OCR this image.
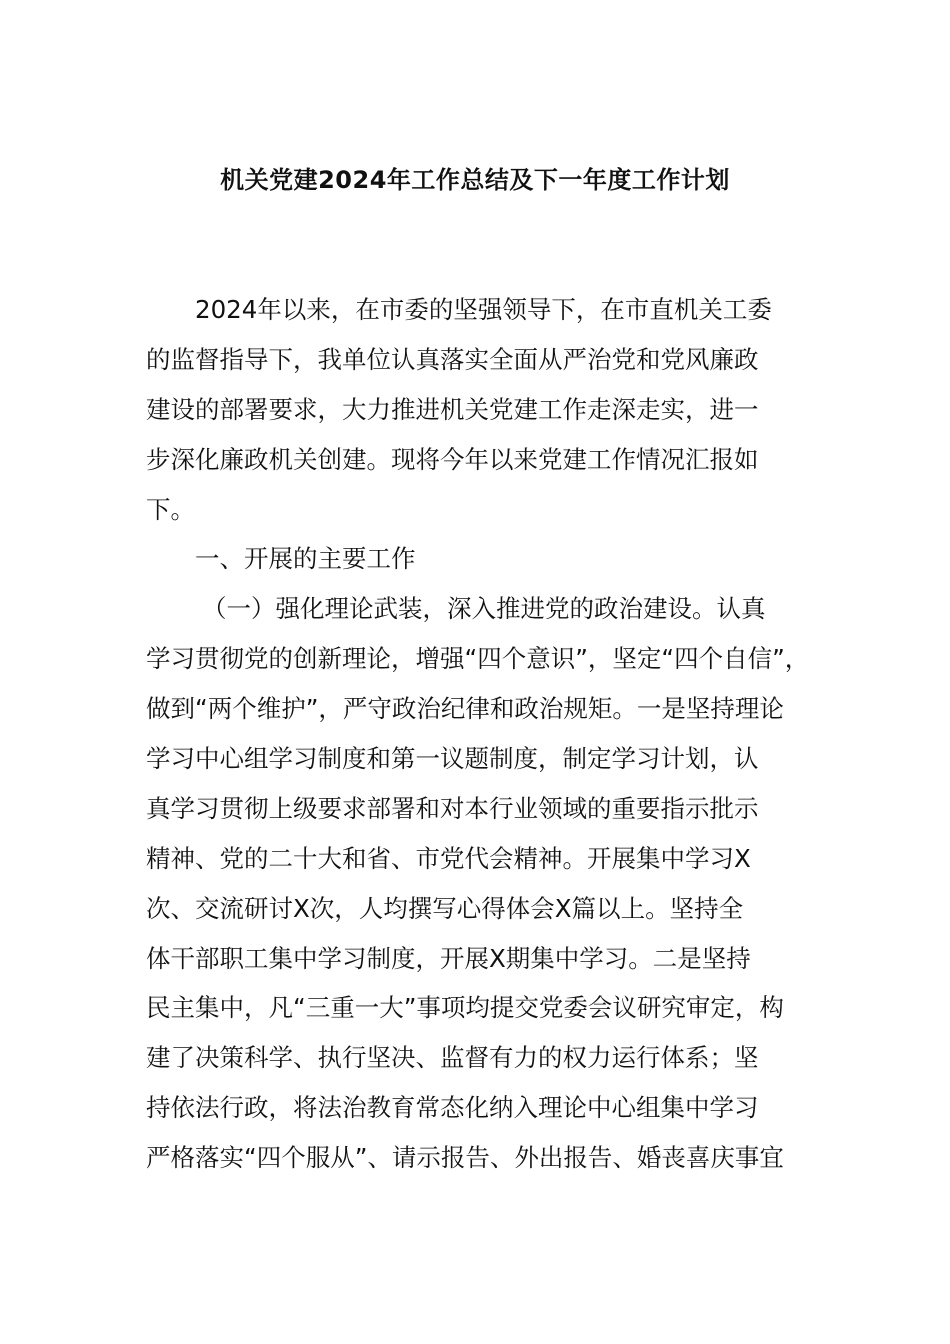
机关党建2024年工作总结及下一年度工作计划
2024年以来，在市委的坚强领导下，在市直机关工委
的监督指导下，我单位认真落实全面从严治党和党风廉政
建设的部署要求，大力推进机关党建工作走深走实，进一
步深化廉政机关创建。现将今年以来党建工作情况汇报如
下。
一、开展的主要工作
（一）强化理论武装，深入推进党的政治建设。认真
学习贯彻党的创新理论，增强“四个意识”，坚定“四个自信”，
做到“两个维护”，严守政治纪律和政治规矩。一是坚持理论
学习中心组学习制度和第一议题制度，制定学习计划，认
真学习贯彻上级要求部署和对本行业领域的重要指示批示
精神、党的二十大和省、市党代会精神。开展集中学习X
次、交流研讨X次，人均撰写心得体会X篇以上。坚持全
体干部职工集中学习制度，开展X期集中学习。二是坚持
民主集中，凡“三重一大”事项均提交党委会议研究审定，构
建了决策科学、执行坚决、监督有力的权力运行体系；坚
持依法行政，将法治教育常态化纳入理论中心组集中学习
严格落实“四个服从”、请示报告、外出报告、婚丧喜庆事宜
